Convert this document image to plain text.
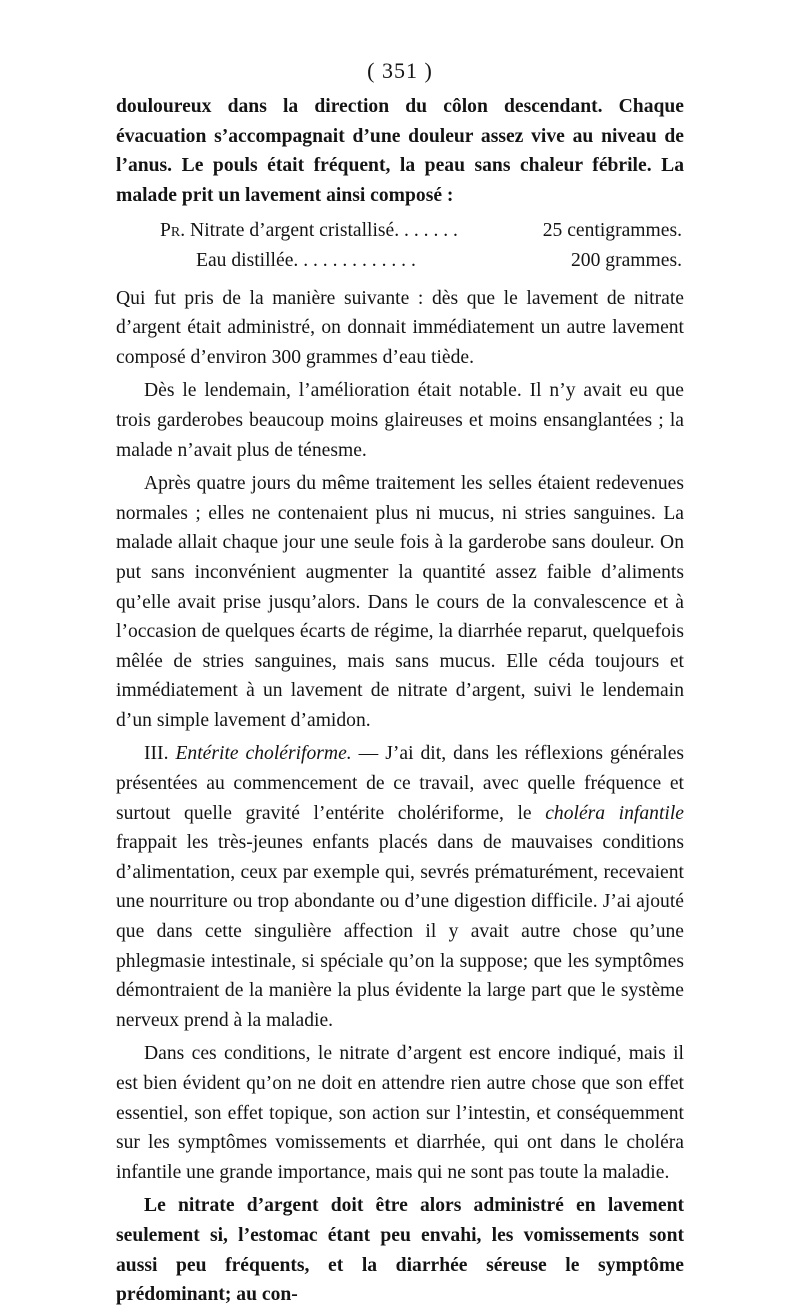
( 351 )

douloureux dans la direction du côlon descendant. Chaque évacuation s’accompagnait d’une douleur assez vive au niveau de l’anus. Le pouls était fréquent, la peau sans chaleur fébrile. La malade prit un lavement ainsi composé :

Pr. Nitrate d’argent cristallisé. . . . . . .	25 centigrammes.
Eau distillée. . . . . . . . . . . . .	200 grammes.

Qui fut pris de la manière suivante : dès que le lavement de nitrate d’argent était administré, on donnait immédiatement un autre lavement composé d’environ 300 grammes d’eau tiède.

Dès le lendemain, l’amélioration était notable. Il n’y avait eu que trois garderobes beaucoup moins glaireuses et moins ensanglantées ; la malade n’avait plus de ténesme.

Après quatre jours du même traitement les selles étaient redevenues normales ; elles ne contenaient plus ni mucus, ni stries sanguines. La malade allait chaque jour une seule fois à la garderobe sans douleur. On put sans inconvénient augmenter la quantité assez faible d’aliments qu’elle avait prise jusqu’alors. Dans le cours de la convalescence et à l’occasion de quelques écarts de régime, la diarrhée reparut, quelquefois mêlée de stries sanguines, mais sans mucus. Elle céda toujours et immédiatement à un lavement de nitrate d’argent, suivi le lendemain d’un simple lavement d’amidon.

III. Entérite cholériforme. — J’ai dit, dans les réflexions générales présentées au commencement de ce travail, avec quelle fréquence et surtout quelle gravité l’entérite cholériforme, le choléra infantile frappait les très-jeunes enfants placés dans de mauvaises conditions d’alimentation, ceux par exemple qui, sevrés prématurément, recevaient une nourriture ou trop abondante ou d’une digestion difficile. J’ai ajouté que dans cette singulière affection il y avait autre chose qu’une phlegmasie intestinale, si spéciale qu’on la suppose; que les symptômes démontraient de la manière la plus évidente la large part que le système nerveux prend à la maladie.

Dans ces conditions, le nitrate d’argent est encore indiqué, mais il est bien évident qu’on ne doit en attendre rien autre chose que son effet essentiel, son effet topique, son action sur l’intestin, et conséquemment sur les symptômes vomissements et diarrhée, qui ont dans le choléra infantile une grande importance, mais qui ne sont pas toute la maladie.

Le nitrate d’argent doit être alors administré en lavement seulement si, l’estomac étant peu envahi, les vomissements sont aussi peu fréquents, et la diarrhée séreuse le symptôme prédominant; au con-
